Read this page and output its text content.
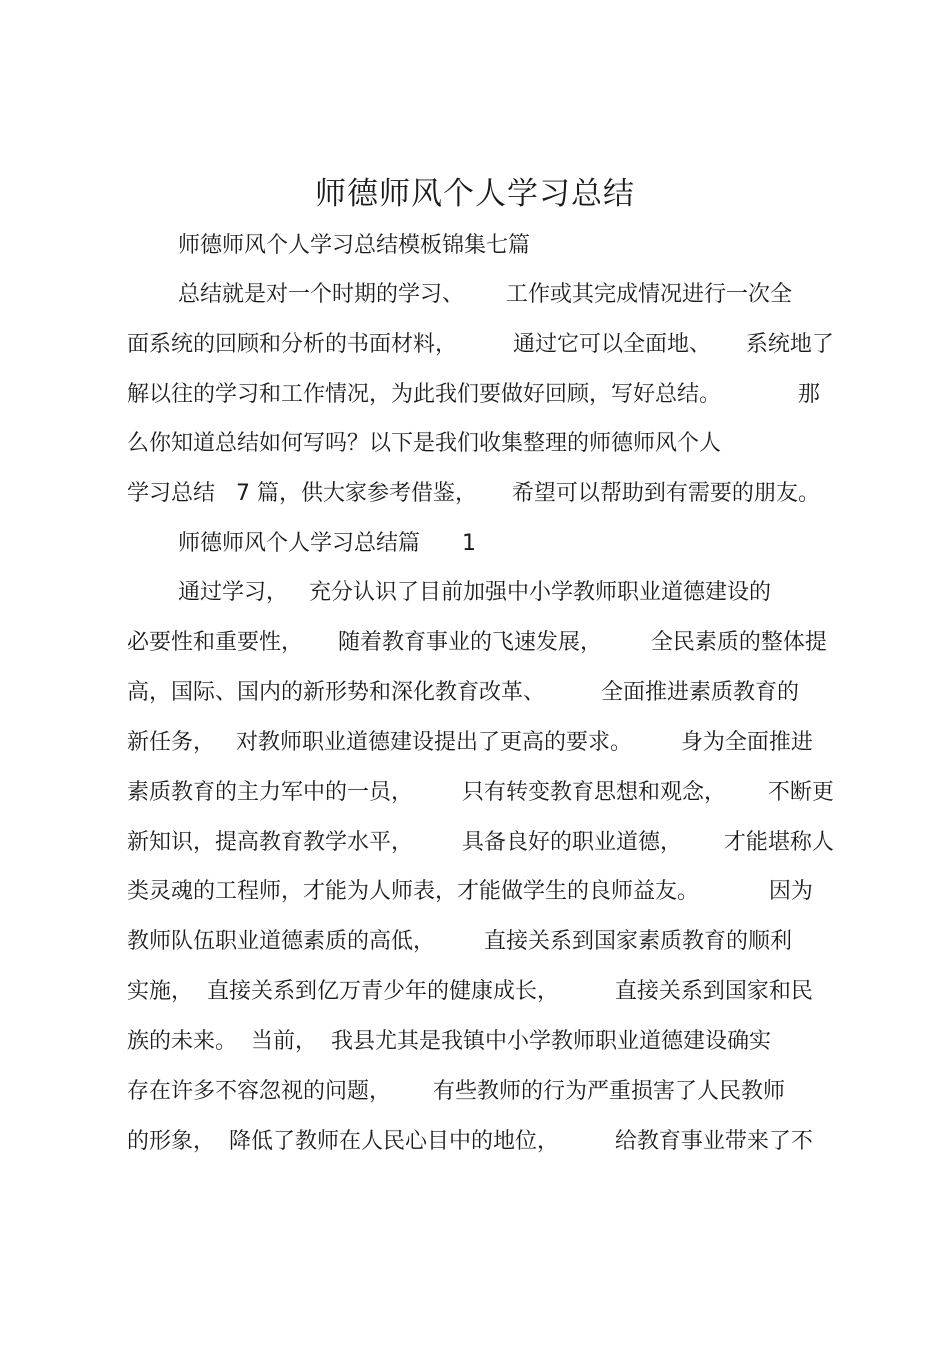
师德师风个人学习总结
师德师风个人学习总结模板锦集七篇
总结就是对一个时期的学习、      工作或其完成情况进行一次全
面系统的回顾和分析的书面材料，        通过它可以全面地、     系统地了
解以往的学习和工作情况，为此我们要做好回顾，写好总结。           那
么你知道总结如何写吗？以下是我们收集整理的师德师风个人
学习总结   7 篇，供大家参考借鉴，     希望可以帮助到有需要的朋友。
师德师风个人学习总结篇      1
通过学习，   充分认识了目前加强中小学教师职业道德建设的
必要性和重要性，     随着教育事业的飞速发展，       全民素质的整体提
高，国际、国内的新形势和深化教育改革、        全面推进素质教育的
新任务，   对教师职业道德建设提出了更高的要求。       身为全面推进
素质教育的主力军中的一员，       只有转变教育思想和观念，      不断更
新知识，提高教育教学水平，       具备良好的职业道德，      才能堪称人
类灵魂的工程师，才能为人师表，才能做学生的良师益友。          因为
教师队伍职业道德素质的高低，       直接关系到国家素质教育的顺利
实施，  直接关系到亿万青少年的健康成长，        直接关系到国家和民
族的未来。  当前，  我县尤其是我镇中小学教师职业道德建设确实
存在许多不容忽视的问题，      有些教师的行为严重损害了人民教师
的形象，  降低了教师在人民心目中的地位，        给教育事业带来了不
